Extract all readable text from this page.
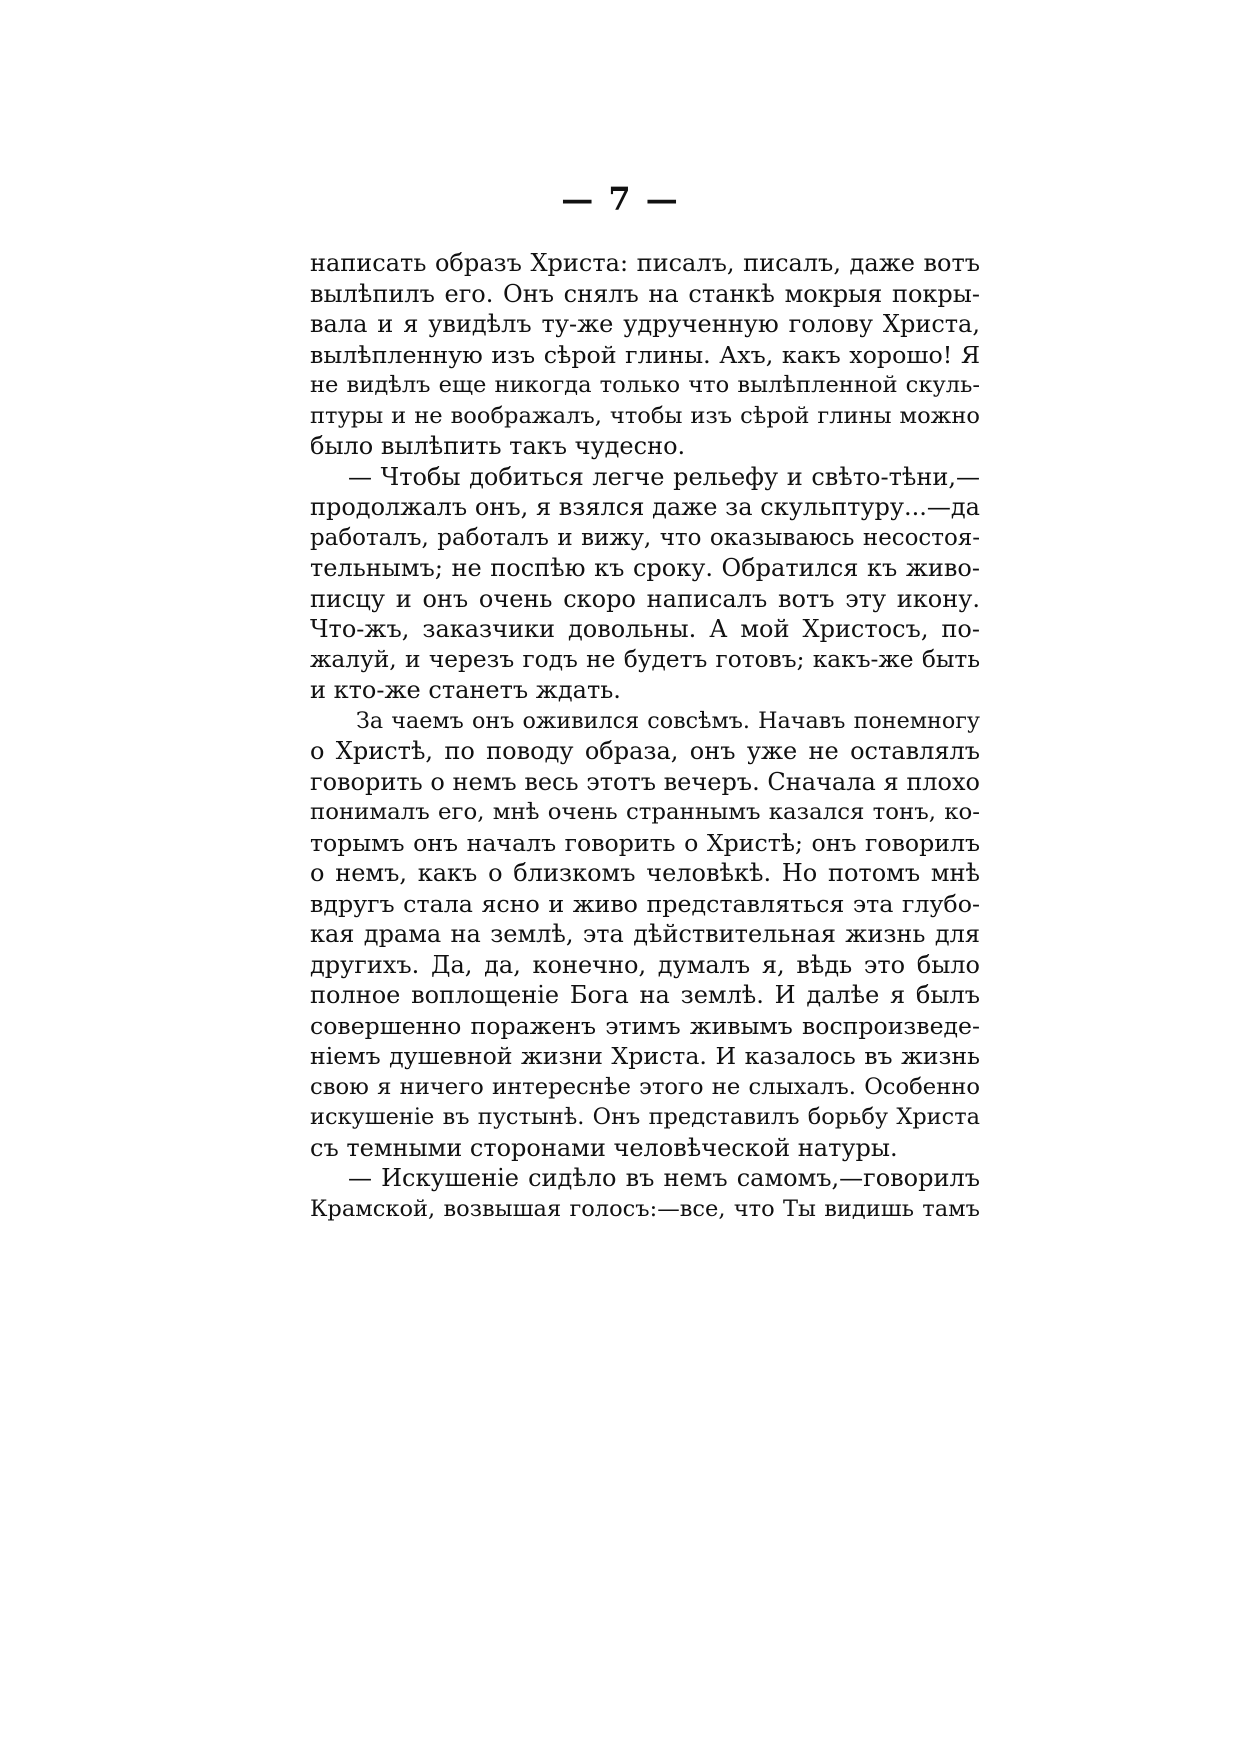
— 7 —
написать образъ Христа: писалъ, писалъ, даже вотъ
вылѣпилъ его. Онъ снялъ на станкѣ мокрыя покры-
вала и я увидѣлъ ту-же удрученную голову Христа,
вылѣпленную изъ сѣрой глины. Ахъ, какъ хорошо! Я
не видѣлъ еще никогда только что вылѣпленной скуль-
птуры и не воображалъ, чтобы изъ сѣрой глины можно
было вылѣпить такъ чудесно.
— Чтобы добиться легче рельефу и свѣто-тѣни,—
продолжалъ онъ, я взялся даже за скульптуру...—да
работалъ, работалъ и вижу, что оказываюсь несостоя-
тельнымъ; не поспѣю къ сроку. Обратился къ живо-
писцу и онъ очень скоро написалъ вотъ эту икону.
Что-жъ, заказчики довольны. А мой Христосъ, по-
жалуй, и черезъ годъ не будетъ готовъ; какъ-же быть
и кто-же станетъ ждать.
За чаемъ онъ оживился совсѣмъ. Начавъ понемногу
о Христѣ, по поводу образа, онъ уже не оставлялъ
говорить о немъ весь этотъ вечеръ. Сначала я плохо
понималъ его, мнѣ очень страннымъ казался тонъ, ко-
торымъ онъ началъ говорить о Христѣ; онъ говорилъ
о немъ, какъ о близкомъ человѣкѣ. Но потомъ мнѣ
вдругъ стала ясно и живо представляться эта глубо-
кая драма на землѣ, эта дѣйствительная жизнь для
другихъ. Да, да, конечно, думалъ я, вѣдь это было
полное воплощенiе Бога на землѣ. И далѣе я былъ
совершенно пораженъ этимъ живымъ воспроизведе-
нiемъ душевной жизни Христа. И казалось въ жизнь
свою я ничего интереснѣе этого не слыхалъ. Особенно
искушенiе въ пустынѣ. Онъ представилъ борьбу Христа
съ темными сторонами человѣческой натуры.
— Искушенiе сидѣло въ немъ самомъ,—говорилъ
Крамской, возвышая голосъ:—все, что Ты видишь тамъ
